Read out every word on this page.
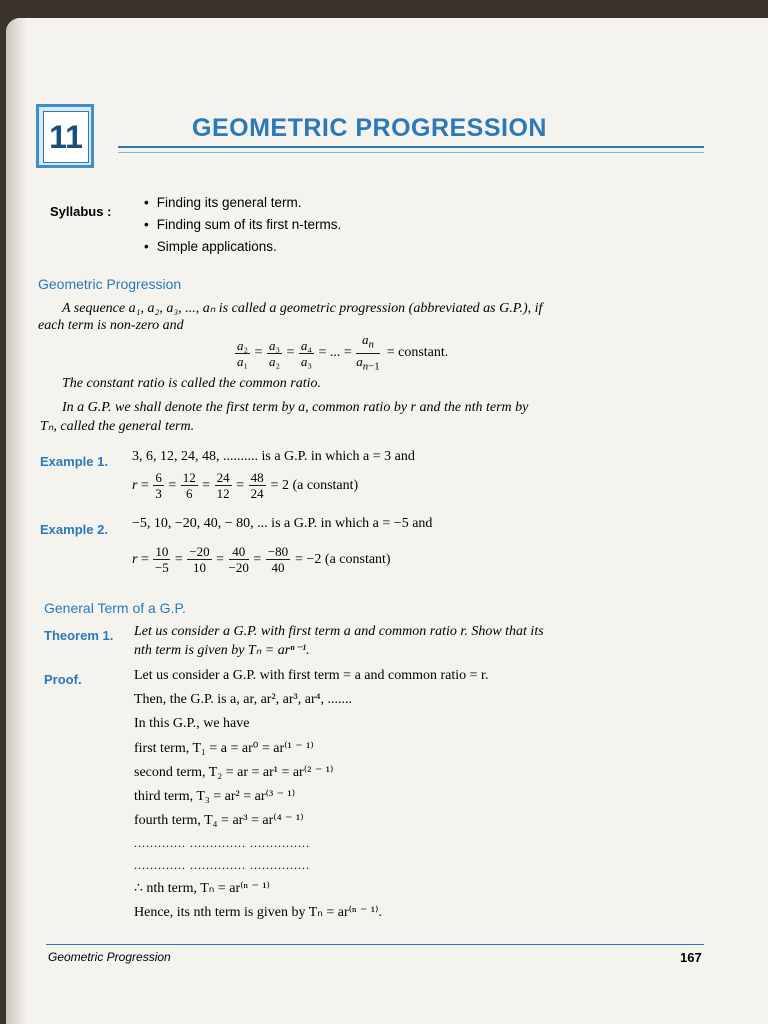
11	GEOMETRIC PROGRESSION
Syllabus :
• Finding its general term.
• Finding sum of its first n-terms.
• Simple applications.
Geometric Progression
A sequence a₁, a₂, a₃, ..., aₙ is called a geometric progression (abbreviated as G.P.), if
each term is non-zero and
$\frac{\text{a₂}}{\text{a₁}} = \frac{\text{a₃}}{\text{a₂}} = \frac{\text{a₄}}{\text{a₃}}$ = ... = $\frac{a_n}{a_{n-1}}$ = constant.
The constant ratio is called the common ratio.
In a G.P. we shall denote the first term by a, common ratio by r and the nth term by
Tₙ, called the general term.
Example 1. 3, 6, 12, 24, 48, .......... is a G.P. in which a = 3 and
$r = \frac{6}{3} = \frac{12}{6} = \frac{24}{12} = \frac{48}{24} = 2$ (a constant)
Example 2. −5, 10, −20, 40, − 80, ... is a G.P. in which a = −5 and
$r = \frac{10}{-5} = \frac{-20}{10} = \frac{40}{-20} = \frac{-80}{40} = -2$ (a constant)
General Term of a G.P.
Theorem 1. Let us consider a G.P. with first term a and common ratio r. Show that its
nth term is given by Tₙ = arⁿ⁻¹.
Proof.	Let us consider a G.P. with first term = a and common ratio = r.
Then, the G.P. is a, ar, ar², ar³, ar⁴, .......
In this G.P., we have
first term, T₁ = a = ar⁰ = ar⁽¹ ⁻ ¹⁾
second term, T₂ = ar = ar¹ = ar⁽² ⁻ ¹⁾
third term, T₃ = ar² = ar⁽³ ⁻ ¹⁾
fourth term, T₄ = ar³ = ar⁽⁴ ⁻ ¹⁾
............. .............. ...............
............. .............. ...............
∴ nth term, Tₙ = ar⁽ⁿ ⁻ ¹⁾
Hence, its nth term is given by Tₙ = ar⁽ⁿ ⁻ ¹⁾.
Geometric Progression	167
